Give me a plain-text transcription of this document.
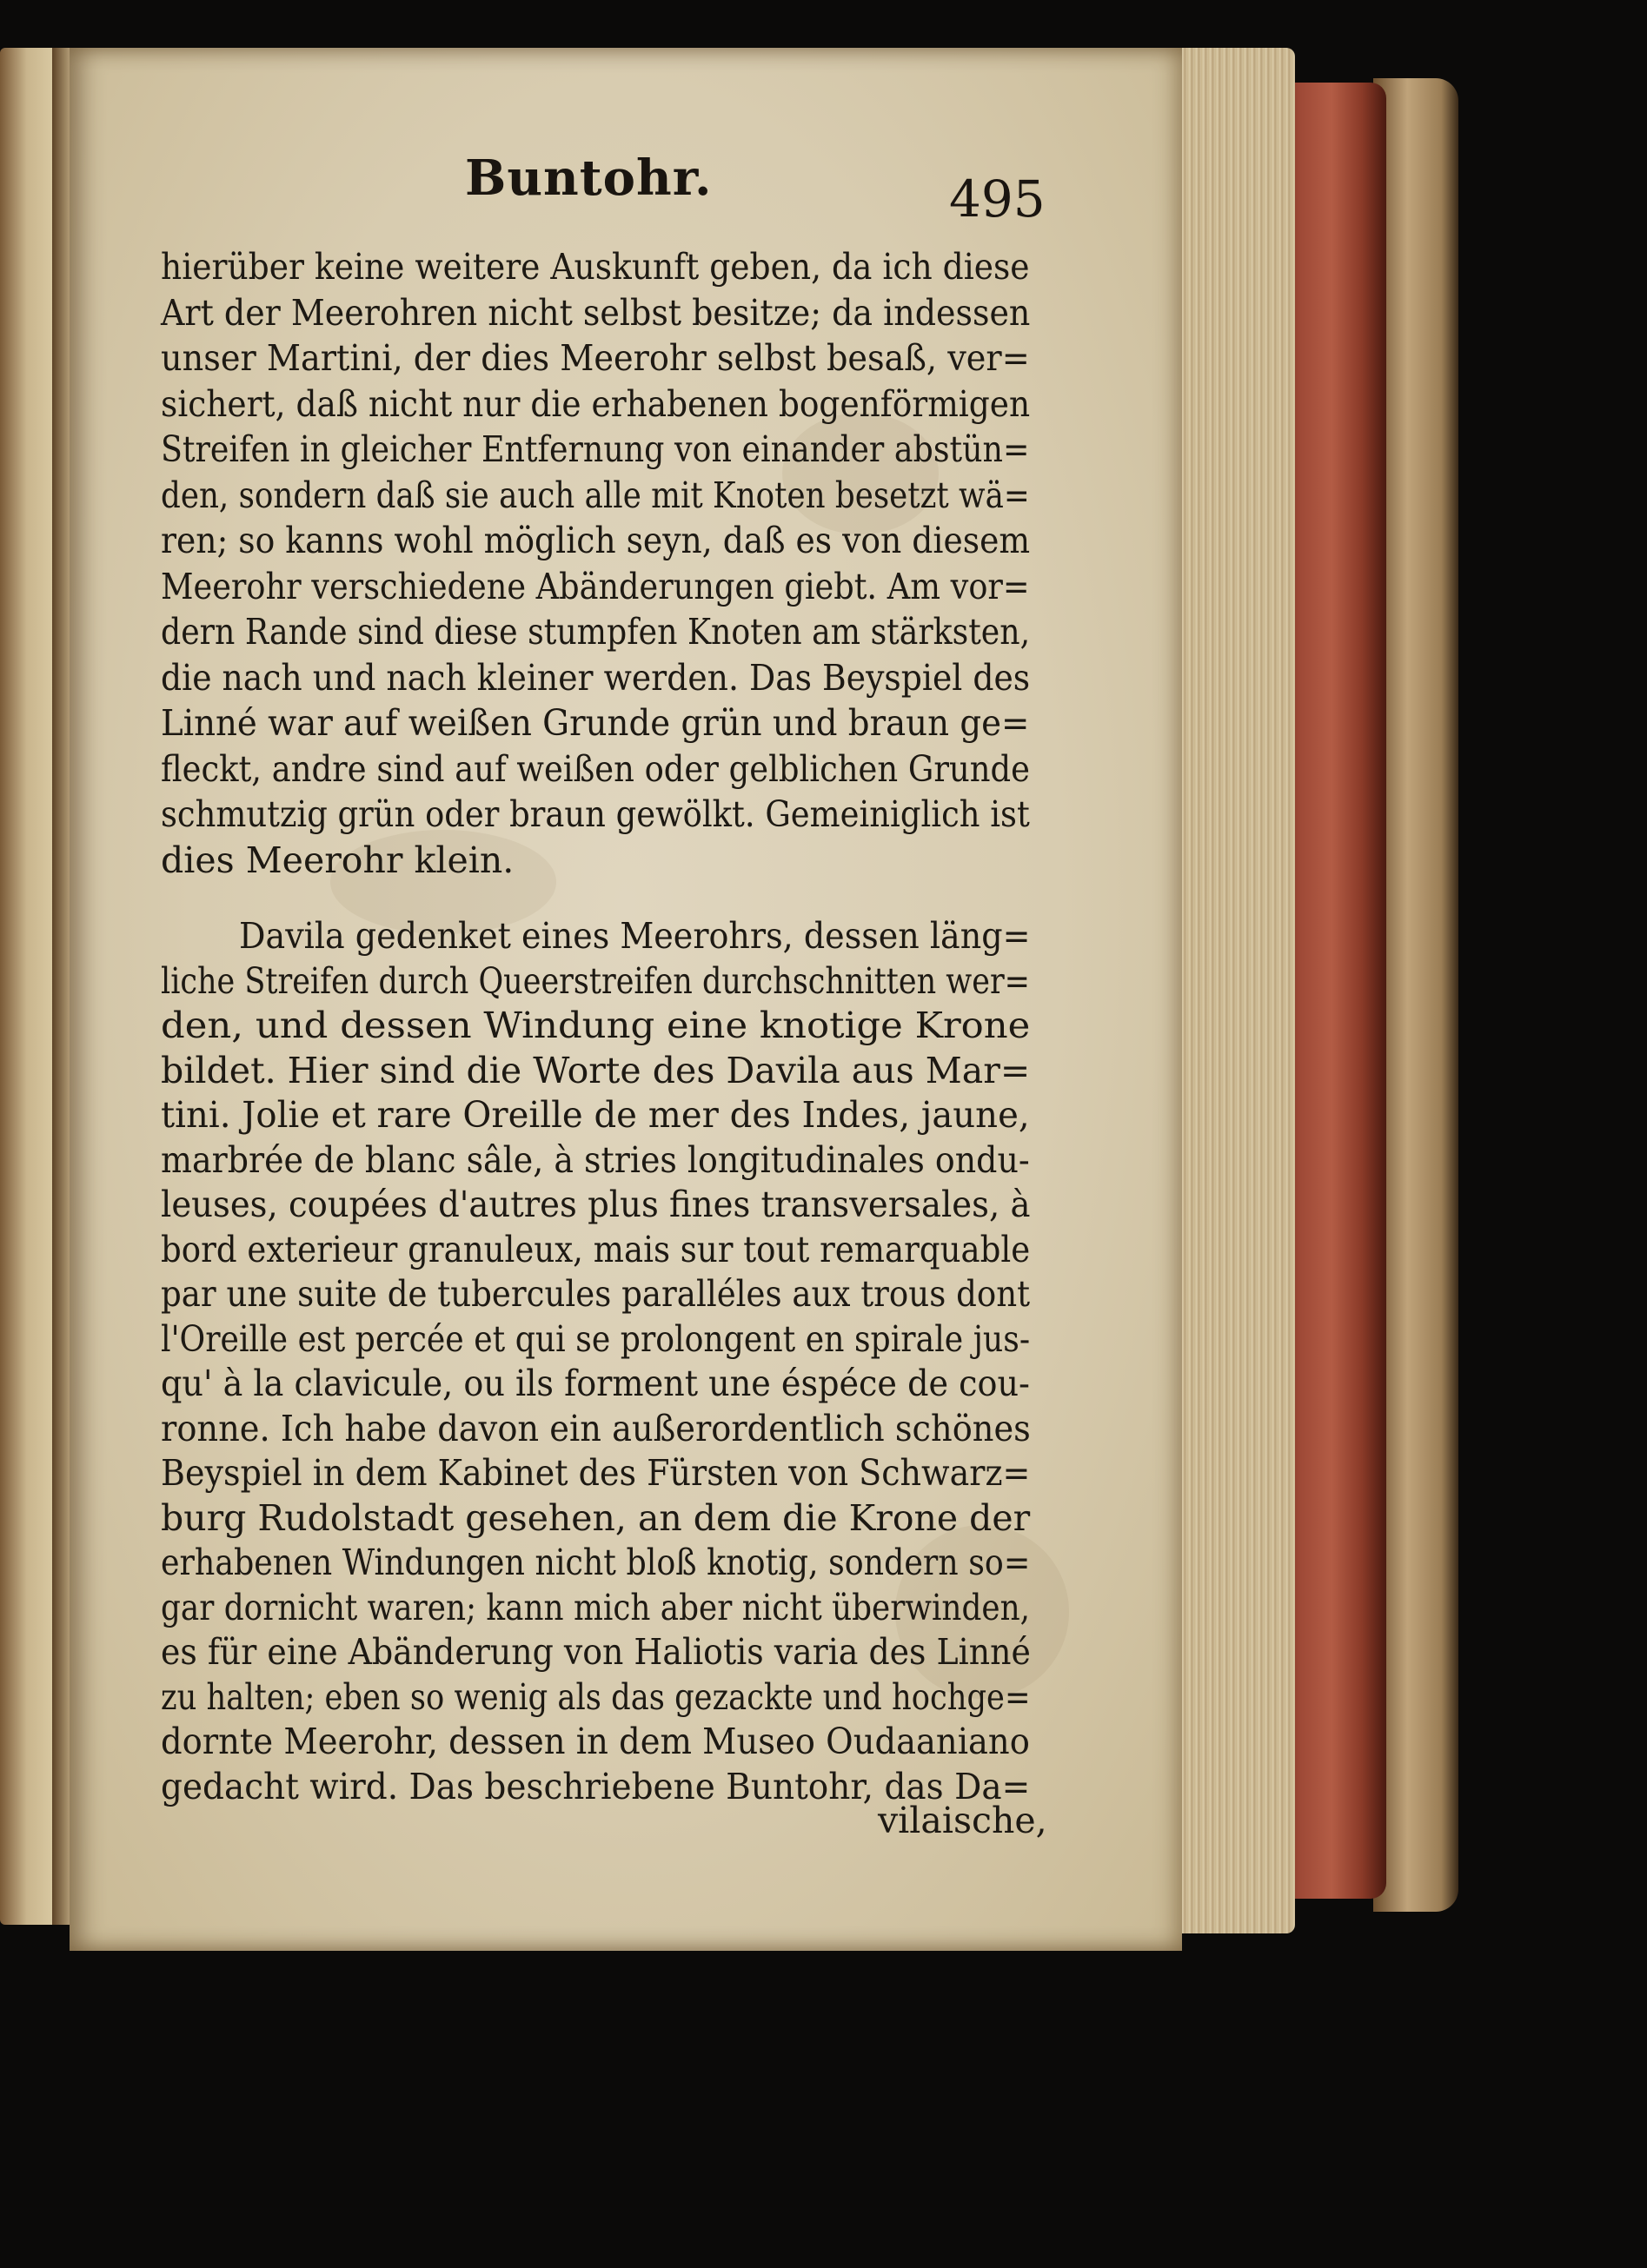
Buntohr.	495
hierüber keine weitere Auskunft geben, da ich diese
Art der Meerohren nicht selbst besitze; da indessen
unser Martini, der dies Meerohr selbst besaß, ver=
sichert, daß nicht nur die erhabenen bogenförmigen
Streifen in gleicher Entfernung von einander abstün=
den, sondern daß sie auch alle mit Knoten besetzt wä=
ren; so kanns wohl möglich seyn, daß es von diesem
Meerohr verschiedene Abänderungen giebt. Am vor=
dern Rande sind diese stumpfen Knoten am stärksten,
die nach und nach kleiner werden. Das Beyspiel des
Linné war auf weißen Grunde grün und braun ge=
fleckt, andre sind auf weißen oder gelblichen Grunde
schmutzig grün oder braun gewölkt. Gemeiniglich ist
dies Meerohr klein.
Davila gedenket eines Meerohrs, dessen läng=
liche Streifen durch Queerstreifen durchschnitten wer=
den, und dessen Windung eine knotige Krone
bildet. Hier sind die Worte des Davila aus Mar=
tini. Jolie et rare Oreille de mer des Indes, jaune,
marbrée de blanc sâle, à stries longitudinales ondu-
leuses, coupées d'autres plus fines transversales, à
bord exterieur granuleux, mais sur tout remarquable
par une suite de tubercules paralléles aux trous dont
l'Oreille est percée et qui se prolongent en spirale jus-
qu' à la clavicule, ou ils forment une éspéce de cou-
ronne. Ich habe davon ein außerordentlich schönes
Beyspiel in dem Kabinet des Fürsten von Schwarz=
burg Rudolstadt gesehen, an dem die Krone der
erhabenen Windungen nicht bloß knotig, sondern so=
gar dornicht waren; kann mich aber nicht überwinden,
es für eine Abänderung von Haliotis varia des Linné
zu halten; eben so wenig als das gezackte und hochge=
dornte Meerohr, dessen in dem Museo Oudaaniano
gedacht wird. Das beschriebene Buntohr, das Da=
vilaische,
